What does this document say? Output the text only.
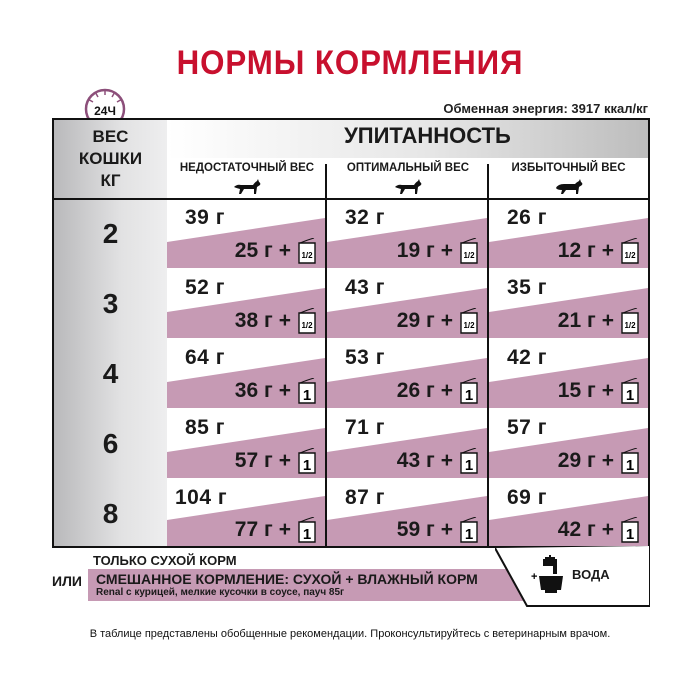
НОРМЫ КОРМЛЕНИЯ
24Ч	Обменная энергия: 3917 ккал/кг
ВЕС
КОШКИ
КГ
УПИТАННОСТЬ
НЕДОСТАТОЧНЫЙ ВЕС	ОПТИМАЛЬНЫЙ ВЕС	ИЗБЫТОЧНЫЙ ВЕС
2
39 г
25 г + 1/2
32 г
19 г + 1/2
26 г
12 г + 1/2
3
52 г
38 г + 1/2
43 г
29 г + 1/2
35 г
21 г + 1/2
4
64 г
36 г + 1
53 г
26 г + 1
42 г
15 г + 1
6
85 г
57 г + 1
71 г
43 г + 1
57 г
29 г + 1
8
104 г
77 г + 1
87 г
59 г + 1
69 г
42 г + 1
ТОЛЬКО СУХОЙ КОРМ
ИЛИ СМЕШАННОЕ КОРМЛЕНИЕ: СУХОЙ + ВЛАЖНЫЙ КОРМ
Renal с курицей, мелкие кусочки в соусе, пауч 85г
+	ВОДА
В таблице представлены обобщенные рекомендации. Проконсультируйтесь с ветеринарным врачом.
